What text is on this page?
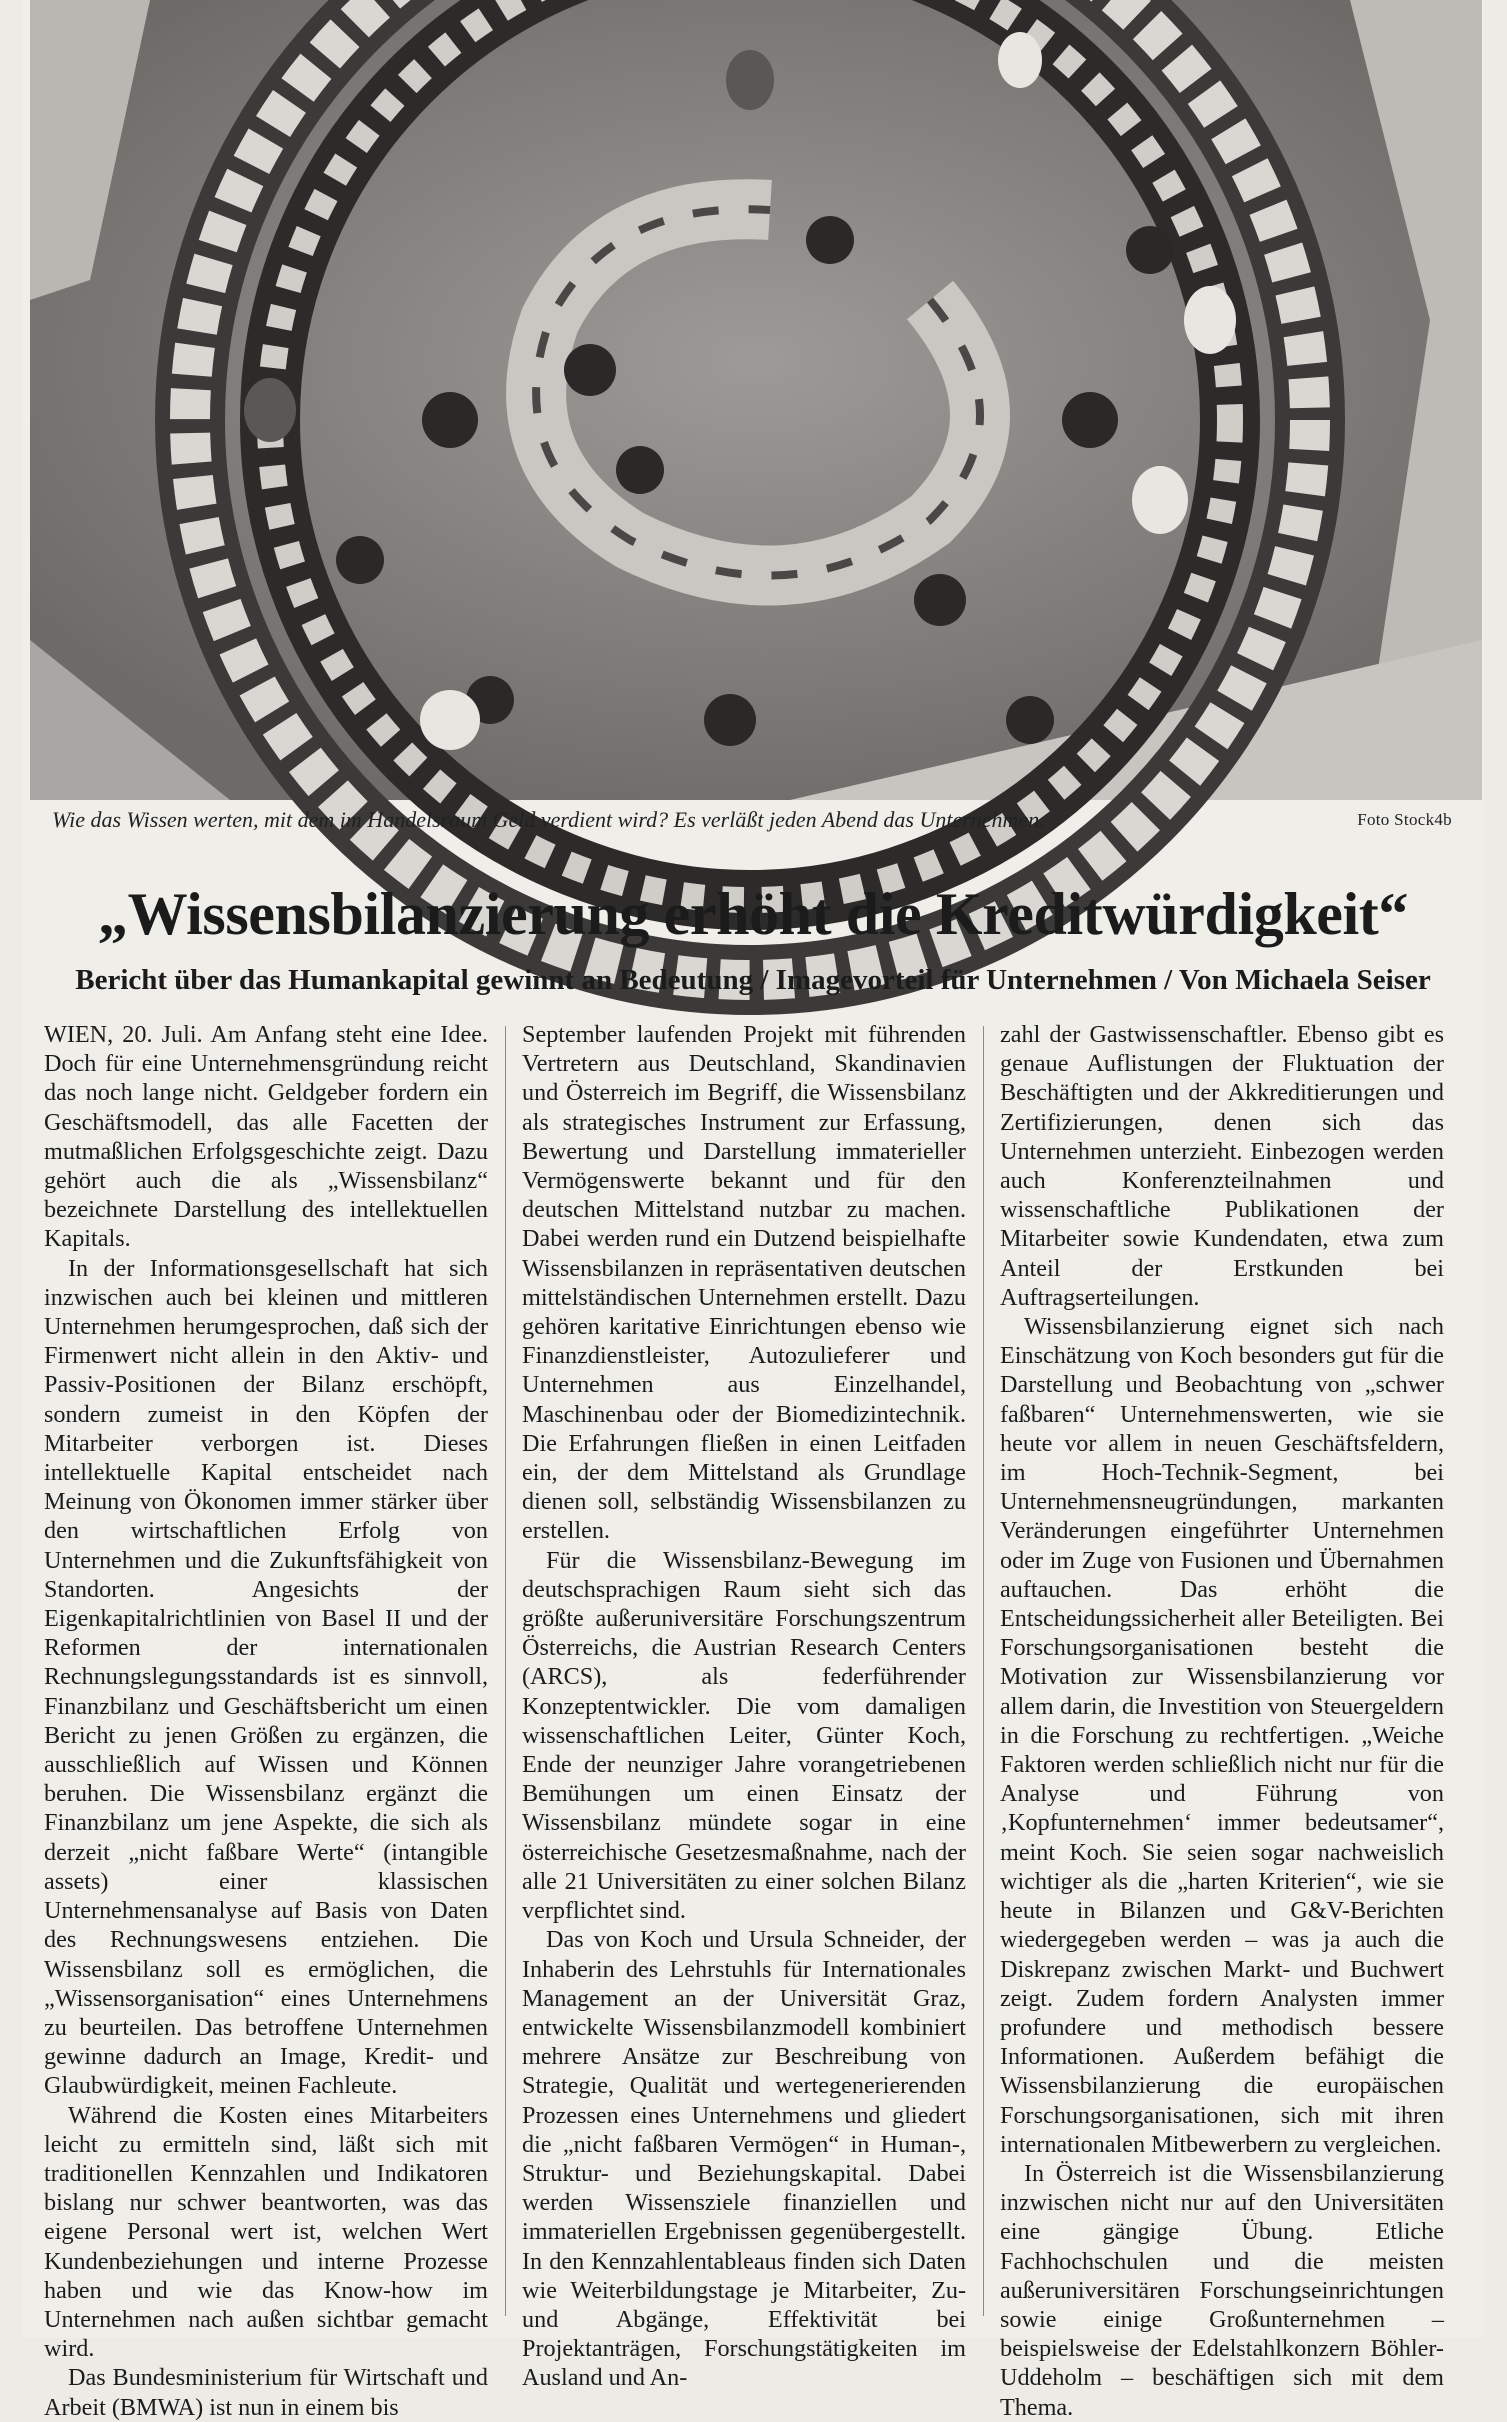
Wie das Wissen werten, mit dem im Handelsraum Geld verdient wird? Es verläßt jeden Abend das Unternehmen.	Foto Stock4b
„Wissensbilanzierung erhöht die Kreditwürdigkeit“
Bericht über das Humankapital gewinnt an Bedeutung / Imagevorteil für Unternehmen / Von Michaela Seiser

WIEN, 20. Juli. Am Anfang steht eine Idee. Doch für eine Unternehmensgründung reicht das noch lange nicht. Geldgeber fordern ein Geschäftsmodell, das alle Facetten der mutmaßlichen Erfolgsgeschichte zeigt. Dazu gehört auch die als „Wissensbilanz“ bezeichnete Darstellung des intellektuellen Kapitals.

In der Informationsgesellschaft hat sich inzwischen auch bei kleinen und mittleren Unternehmen herumgesprochen, daß sich der Firmenwert nicht allein in den Aktiv- und Passiv-Positionen der Bilanz erschöpft, sondern zumeist in den Köpfen der Mitarbeiter verborgen ist. Dieses intellektuelle Kapital entscheidet nach Meinung von Ökonomen immer stärker über den wirtschaftlichen Erfolg von Unternehmen und die Zukunftsfähigkeit von Standorten. Angesichts der Eigenkapitalrichtlinien von Basel II und der Reformen der internationalen Rechnungslegungsstandards ist es sinnvoll, Finanzbilanz und Geschäftsbericht um einen Bericht zu jenen Größen zu ergänzen, die ausschließlich auf Wissen und Können beruhen. Die Wissensbilanz ergänzt die Finanzbilanz um jene Aspekte, die sich als derzeit „nicht faßbare Werte“ (intangible assets) einer klassischen Unternehmensanalyse auf Basis von Daten des Rechnungswesens entziehen. Die Wissensbilanz soll es ermöglichen, die „Wissensorganisation“ eines Unternehmens zu beurteilen. Das betroffene Unternehmen gewinne dadurch an Image, Kredit- und Glaubwürdigkeit, meinen Fachleute.

Während die Kosten eines Mitarbeiters leicht zu ermitteln sind, läßt sich mit traditionellen Kennzahlen und Indikatoren bislang nur schwer beantworten, was das eigene Personal wert ist, welchen Wert Kundenbeziehungen und interne Prozesse haben und wie das Know-how im Unternehmen nach außen sichtbar gemacht wird.

Das Bundesministerium für Wirtschaft und Arbeit (BMWA) ist nun in einem bis

September laufenden Projekt mit führenden Vertretern aus Deutschland, Skandinavien und Österreich im Begriff, die Wissensbilanz als strategisches Instrument zur Erfassung, Bewertung und Darstellung immaterieller Vermögenswerte bekannt und für den deutschen Mittelstand nutzbar zu machen. Dabei werden rund ein Dutzend beispielhafte Wissensbilanzen in repräsentativen deutschen mittelständischen Unternehmen erstellt. Dazu gehören karitative Einrichtungen ebenso wie Finanzdienstleister, Autozulieferer und Unternehmen aus Einzelhandel, Maschinenbau oder der Biomedizintechnik. Die Erfahrungen fließen in einen Leitfaden ein, der dem Mittelstand als Grundlage dienen soll, selbständig Wissensbilanzen zu erstellen.

Für die Wissensbilanz-Bewegung im deutschsprachigen Raum sieht sich das größte außeruniversitäre Forschungszentrum Österreichs, die Austrian Research Centers (ARCS), als federführender Konzeptentwickler. Die vom damaligen wissenschaftlichen Leiter, Günter Koch, Ende der neunziger Jahre vorangetriebenen Bemühungen um einen Einsatz der Wissensbilanz mündete sogar in eine österreichische Gesetzesmaßnahme, nach der alle 21 Universitäten zu einer solchen Bilanz verpflichtet sind.

Das von Koch und Ursula Schneider, der Inhaberin des Lehrstuhls für Internationales Management an der Universität Graz, entwickelte Wissensbilanzmodell kombiniert mehrere Ansätze zur Beschreibung von Strategie, Qualität und wertegenerierenden Prozessen eines Unternehmens und gliedert die „nicht faßbaren Vermögen“ in Human-, Struktur- und Beziehungskapital. Dabei werden Wissensziele finanziellen und immateriellen Ergebnissen gegenübergestellt. In den Kennzahlentableaus finden sich Daten wie Weiterbildungstage je Mitarbeiter, Zu- und Abgänge, Effektivität bei Projektanträgen, Forschungstätigkeiten im Ausland und An-

zahl der Gastwissenschaftler. Ebenso gibt es genaue Auflistungen der Fluktuation der Beschäftigten und der Akkreditierungen und Zertifizierungen, denen sich das Unternehmen unterzieht. Einbezogen werden auch Konferenzteilnahmen und wissenschaftliche Publikationen der Mitarbeiter sowie Kundendaten, etwa zum Anteil der Erstkunden bei Auftragserteilungen.

Wissensbilanzierung eignet sich nach Einschätzung von Koch besonders gut für die Darstellung und Beobachtung von „schwer faßbaren“ Unternehmenswerten, wie sie heute vor allem in neuen Geschäftsfeldern, im Hoch-Technik-Segment, bei Unternehmensneugründungen, markanten Veränderungen eingeführter Unternehmen oder im Zuge von Fusionen und Übernahmen auftauchen. Das erhöht die Entscheidungssicherheit aller Beteiligten. Bei Forschungsorganisationen besteht die Motivation zur Wissensbilanzierung vor allem darin, die Investition von Steuergeldern in die Forschung zu rechtfertigen. „Weiche Faktoren werden schließlich nicht nur für die Analyse und Führung von ‚Kopfunternehmen‘ immer bedeutsamer“, meint Koch. Sie seien sogar nachweislich wichtiger als die „harten Kriterien“, wie sie heute in Bilanzen und G&V-Berichten wiedergegeben werden – was ja auch die Diskrepanz zwischen Markt- und Buchwert zeigt. Zudem fordern Analysten immer profundere und methodisch bessere Informationen. Außerdem befähigt die Wissensbilanzierung die europäischen Forschungsorganisationen, sich mit ihren internationalen Mitbewerbern zu vergleichen.

In Österreich ist die Wissensbilanzierung inzwischen nicht nur auf den Universitäten eine gängige Übung. Etliche Fachhochschulen und die meisten außeruniversitären Forschungseinrichtungen sowie einige Großunternehmen – beispielsweise der Edelstahlkonzern Böhler-Uddeholm – beschäftigen sich mit dem Thema.
